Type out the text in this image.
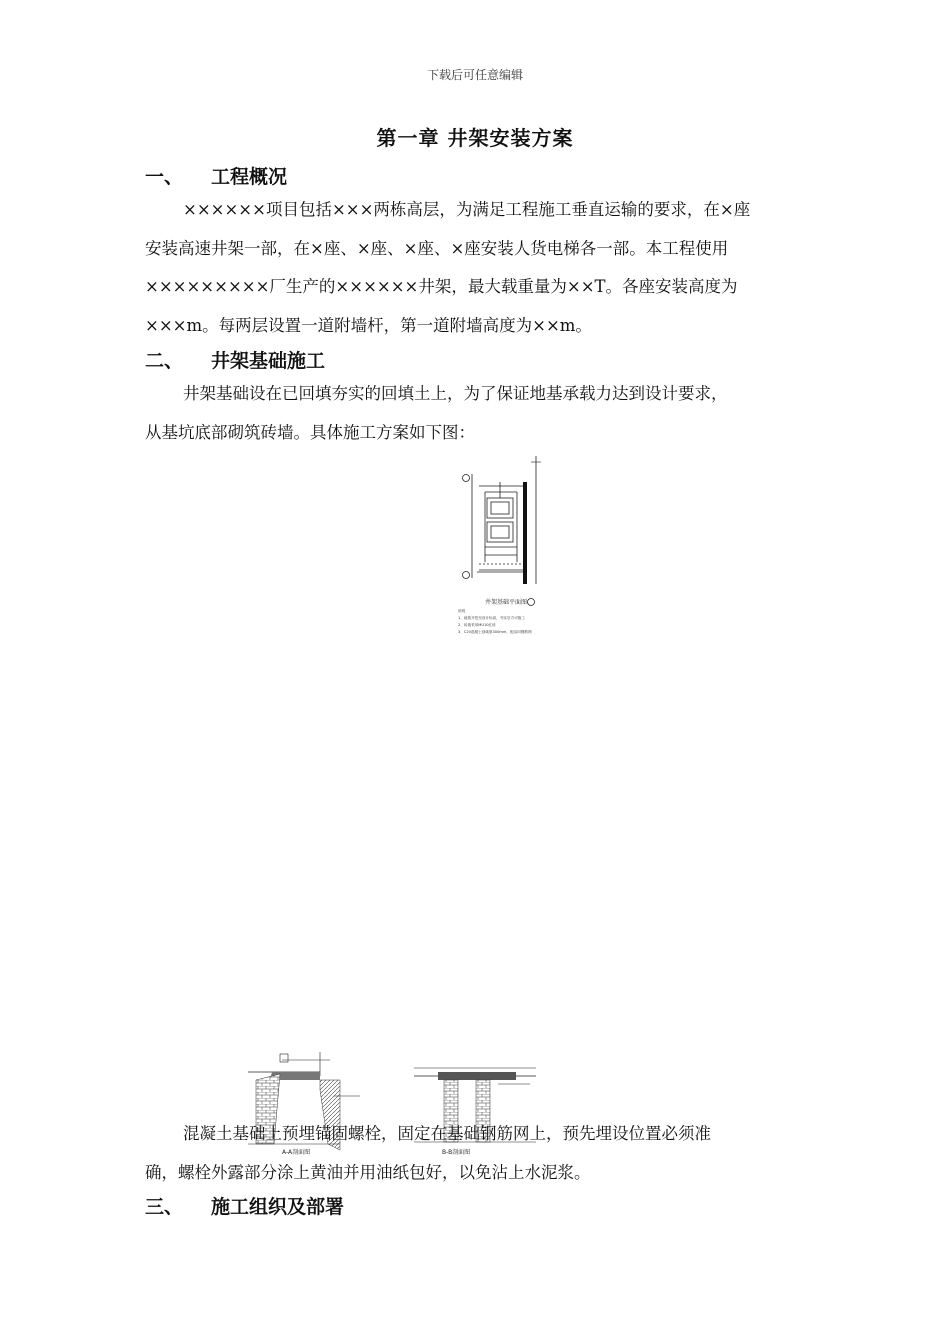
下载后可任意编辑
第一章 井架安装方案
一、 工程概况
××××××项目包括×××两栋高层，为满足工程施工垂直运输的要求，在×座
安装高速井架一部，在×座、×座、×座、×座安装人货电梯各一部。本工程使用
×××××××××厂生产的××××××井架，最大载重量为××T。各座安装高度为
×××m。每两层设置一道附墙杆，第一道附墙高度为××m。
二、 井架基础施工
井架基础设在已回填夯实的回填土上，为了保证地基承载力达到设计要求，
从基坑底部砌筑砖墙。具体施工方案如下图：
井架基础平面图
说明
1、地基开挖至设计标高，夯实后方可施工
2、砖墙采用MU10红砖
3、C20混凝土基础厚300mm，配双向钢筋网
A-A剖面图	B-B剖面图
混凝土基础上预埋锚固螺栓，固定在基础钢筋网上，预先埋设位置必须准
确，螺栓外露部分涂上黄油并用油纸包好，以免沾上水泥浆。
三、 施工组织及部署
